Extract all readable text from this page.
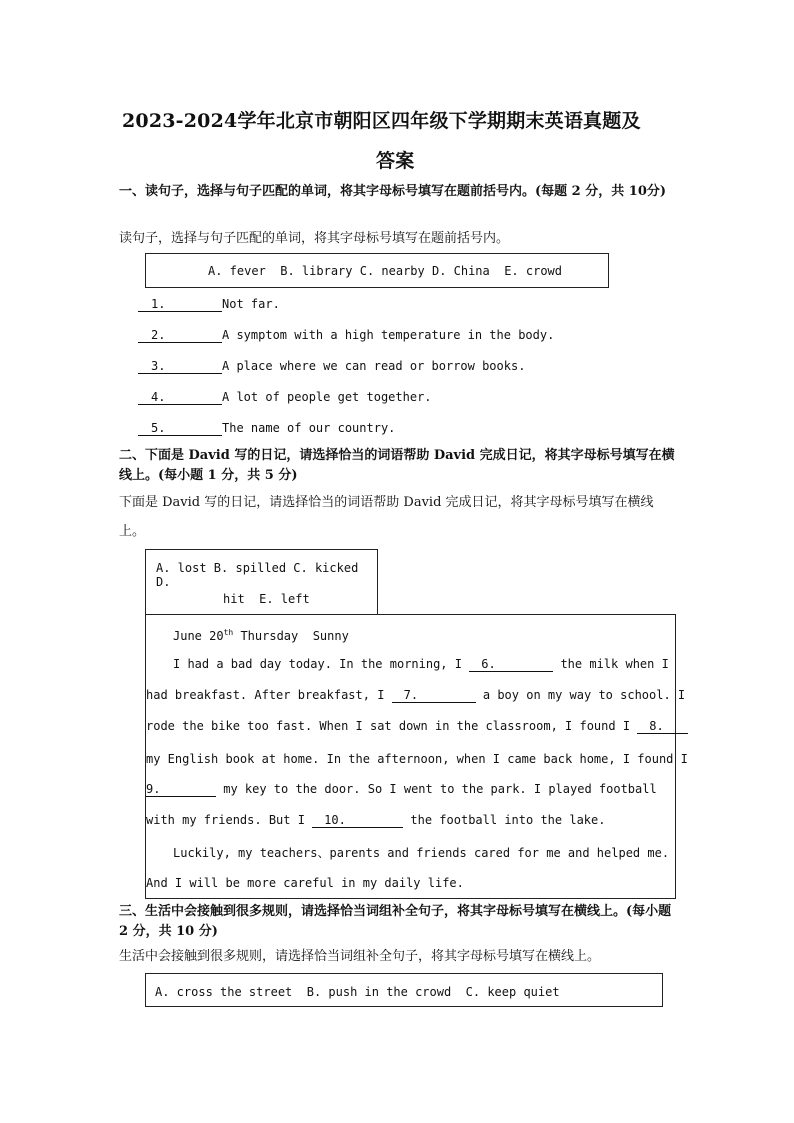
2023-2024学年北京市朝阳区四年级下学期期末英语真题及
答案
一、读句子，选择与句子匹配的单词，将其字母标号填写在题前括号内。(每题 2 分，共 10分)
读句子，选择与句子匹配的单词，将其字母标号填写在题前括号内。
A. fever  B. library C. nearby D. China  E. crowd
1.	Not far.
2.	A symptom with a high temperature in the body.
3.	A place where we can read or borrow books.
4.	A lot of people get together.
5.	The name of our country.
二、下面是 David 写的日记，请选择恰当的词语帮助 David 完成日记，将其字母标号填写在横线上。(每小题 1 分，共 5 分)
下面是 David 写的日记，请选择恰当的词语帮助 David 完成日记，将其字母标号填写在横线上。
A. lost B. spilled C. kicked D.
hit  E. left
June 20th Thursday  Sunny
I had a bad day today. In the morning, I 6.	the milk when I
had breakfast. After breakfast, I 7.	a boy on my way to school. I
rode the bike too fast. When I sat down in the classroom, I found I 8.
my English book at home. In the afternoon, when I came back home, I found I
9.	my key to the door. So I went to the park. I played football
with my friends. But I 10.	the football into the lake.
Luckily, my teachers、parents and friends cared for me and helped me.
And I will be more careful in my daily life.
三、生活中会接触到很多规则，请选择恰当词组补全句子，将其字母标号填写在横线上。(每小题 2 分，共 10 分)
生活中会接触到很多规则，请选择恰当词组补全句子，将其字母标号填写在横线上。
A. cross the street  B. push in the crowd  C. keep quiet
